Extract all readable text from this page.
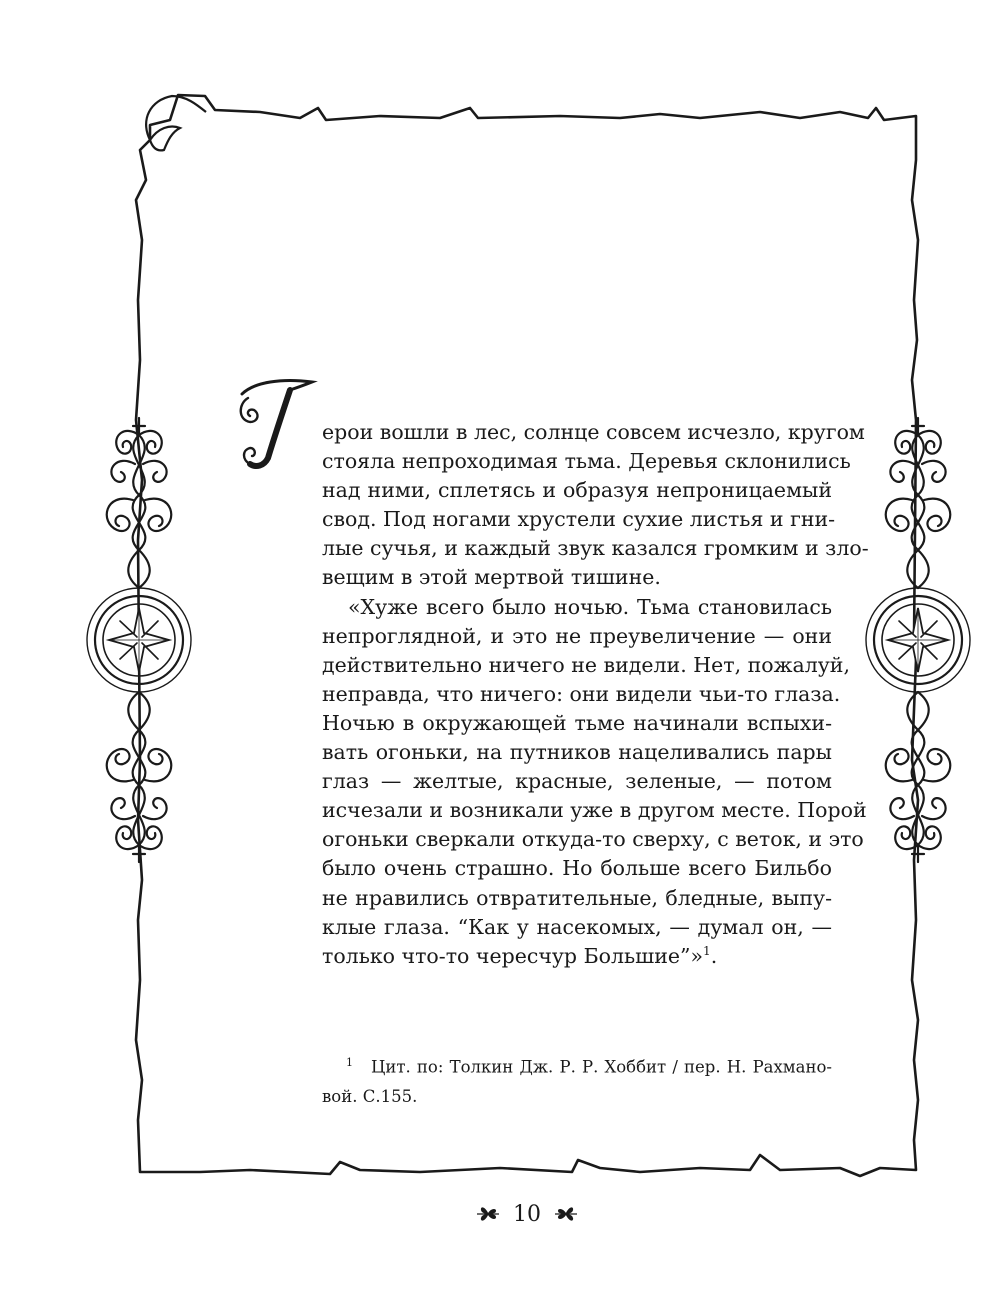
Г
ерои вошли в лес, солнце совсем исчезло, кругом
стояла непроходимая тьма. Деревья склонились
над ними, сплетясь и образуя непроницаемый
свод. Под ногами хрустели сухие листья и гни-
лые сучья, и каждый звук казался громким и зло-
вещим в этой мертвой тишине.
«Хуже всего было ночью. Тьма становилась
непроглядной, и это не преувеличение — они
действительно ничего не видели. Нет, пожалуй,
неправда, что ничего: они видели чьи-то глаза.
Ночью в окружающей тьме начинали вспыхи-
вать огоньки, на путников нацеливались пары
глаз — желтые, красные, зеленые, — потом
исчезали и возникали уже в другом месте. Порой
огоньки сверкали откуда-то сверху, с веток, и это
было очень страшно. Но больше всего Бильбо
не нравились отвратительные, бледные, выпу-
клые глаза. “Как у насекомых, — думал он, —
только что-то чересчур Большие”»$^1$.
$^1$ Цит. по: Толкин Дж. Р. Р. Хоббит / пер. Н. Рахмано-
вой. С.155.
10
